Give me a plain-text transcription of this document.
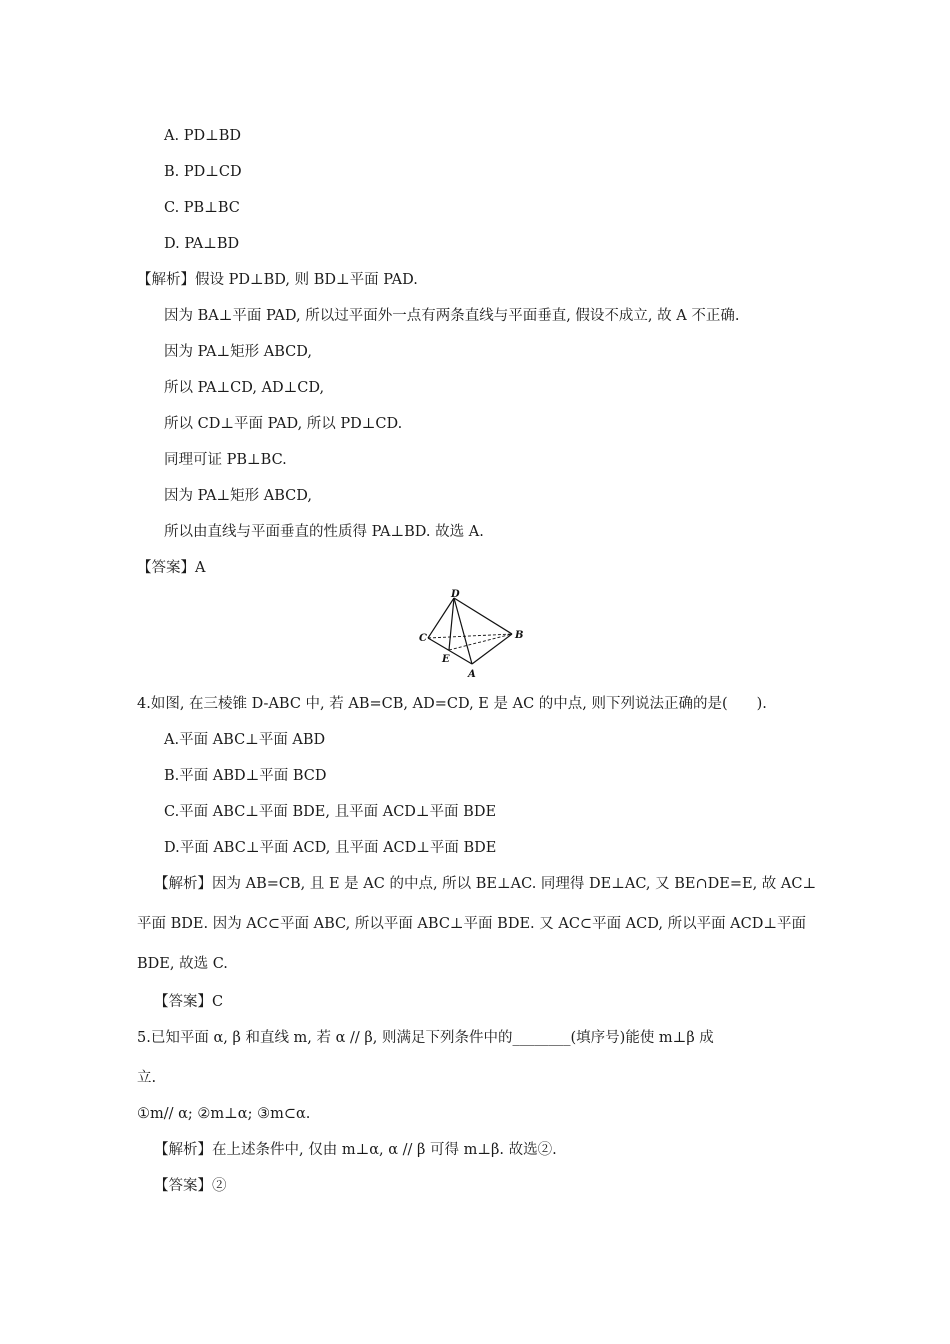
A. PD⊥BD
B. PD⊥CD
C. PB⊥BC
D. PA⊥BD
【解析】假设 PD⊥BD, 则 BD⊥平面 PAD.
因为 BA⊥平面 PAD, 所以过平面外一点有两条直线与平面垂直, 假设不成立, 故 A 不正确.
因为 PA⊥矩形 ABCD,
所以 PA⊥CD, AD⊥CD,
所以 CD⊥平面 PAD, 所以 PD⊥CD.
同理可证 PB⊥BC.
因为 PA⊥矩形 ABCD,
所以由直线与平面垂直的性质得 PA⊥BD. 故选 A.
【答案】A
D
C	B
E
A
4.如图, 在三棱锥 D-ABC 中, 若 AB=CB, AD=CD, E 是 AC 的中点, 则下列说法正确的是(　　).
A.平面 ABC⊥平面 ABD
B.平面 ABD⊥平面 BCD
C.平面 ABC⊥平面 BDE, 且平面 ACD⊥平面 BDE
D.平面 ABC⊥平面 ACD, 且平面 ACD⊥平面 BDE
【解析】因为 AB=CB, 且 E 是 AC 的中点, 所以 BE⊥AC. 同理得 DE⊥AC, 又 BE∩DE=E, 故 AC⊥
平面 BDE. 因为 AC⊂平面 ABC, 所以平面 ABC⊥平面 BDE. 又 AC⊂平面 ACD, 所以平面 ACD⊥平面
BDE, 故选 C.
【答案】C
5.已知平面 α, β 和直线 m, 若 α // β, 则满足下列条件中的________(填序号)能使 m⊥β 成
立.
①m// α; ②m⊥α; ③m⊂α.
【解析】在上述条件中, 仅由 m⊥α, α // β 可得 m⊥β. 故选②.
【答案】②
